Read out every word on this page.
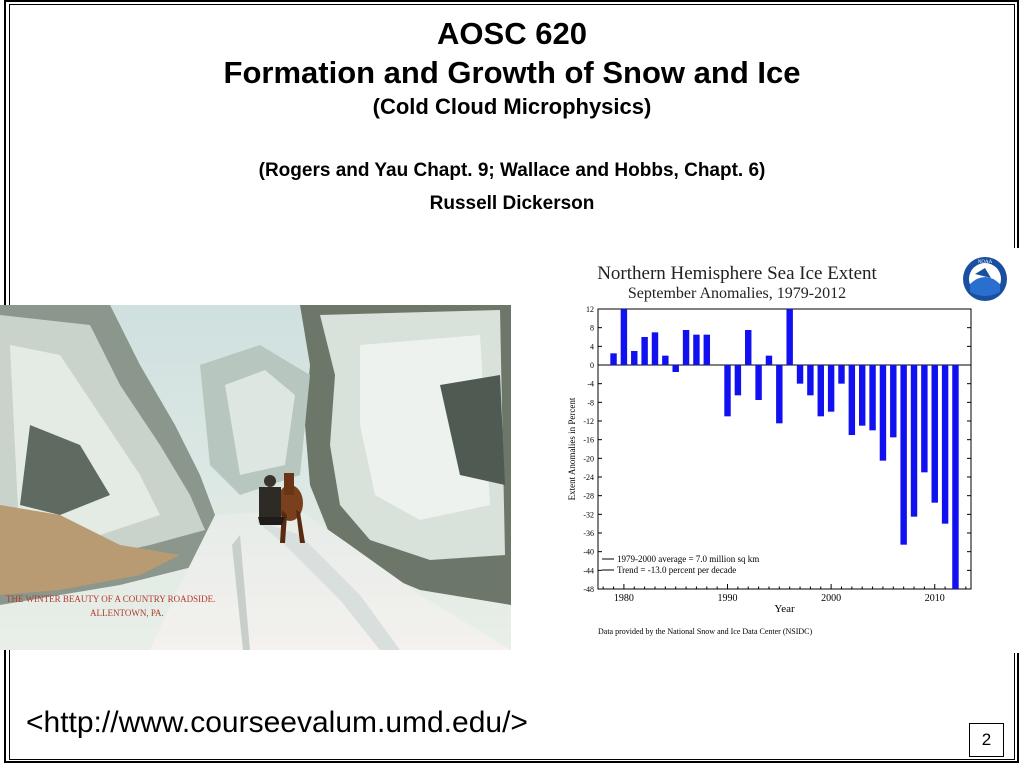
AOSC 620
Formation and Growth of Snow and Ice
(Cold Cloud Microphysics)
(Rogers and Yau Chapt. 9; Wallace and Hobbs, Chapt. 6)
Russell Dickerson
THE WINTER BEAUTY OF A COUNTRY ROADSIDE.
ALLENTOWN, PA.
Northern Hemisphere Sea Ice Extent
September Anomalies, 1979-2012
NOAA
12
8
4
0
-4
-8
-12
-16
-20
-24
-28
-32
-36
-40
-44
-48
1980	1990	2000	2010
Extent Anomalies in Percent
Year
1979-2000 average = 7.0 million sq km
Trend = -13.0 percent per decade
Data provided by the National Snow and Ice Data Center (NSIDC)
<http://www.courseevalum.umd.edu/>
2
